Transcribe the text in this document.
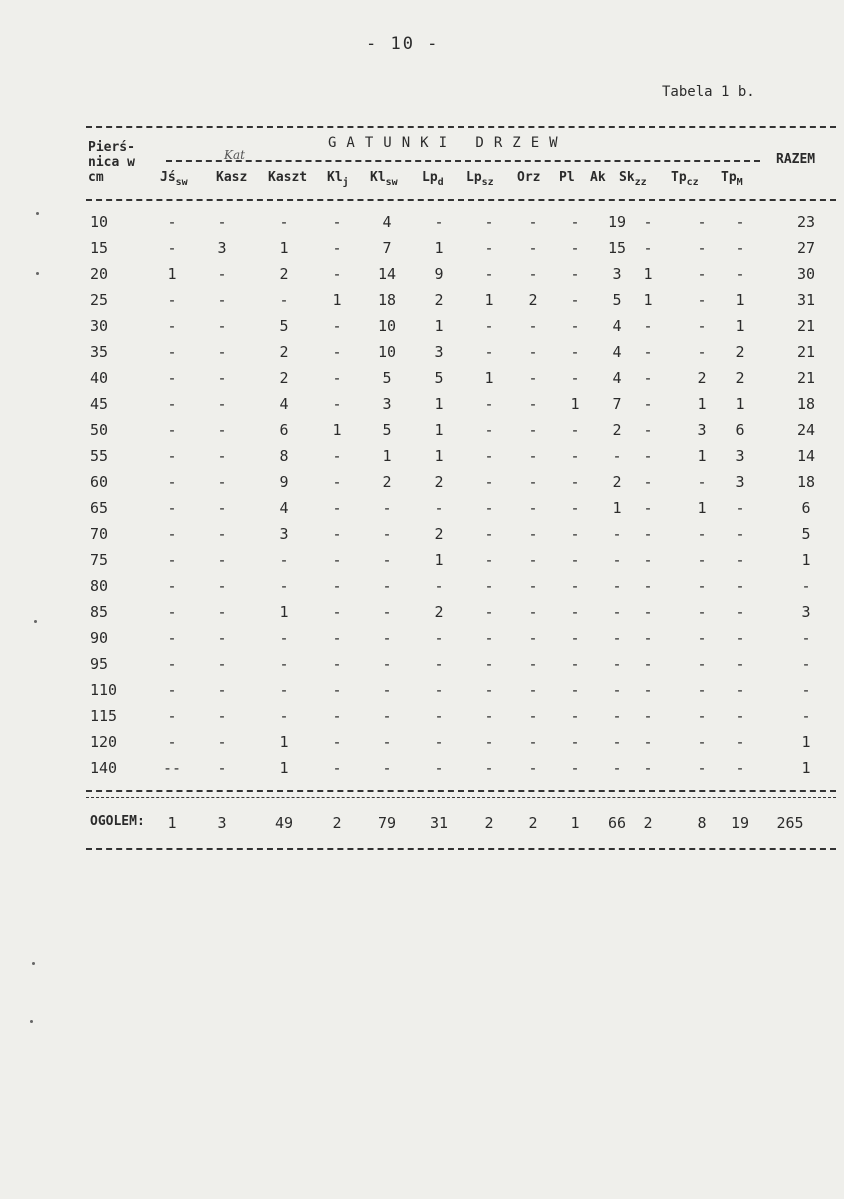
- 10 -
Tabela 1 b.
Pierś-
nica w
cm
GATUNKI DRZEW
Kat	RAZEM
$Jś_{sw}$ Kasz Kaszt $Kl_j$ $Kl_{sw}$ $Lp_d$ $Lp_{sz}$ Orz Pl Ak $Sk_{zz}$ $Tp_{cz}$ $Tp_M$
10	-	-	-	-	4	-	-	-	-	19	-	-	-	23
15	-	3	1	-	7	1	-	-	-	15	-	-	-	27
20	1	-	2	-	14	9	-	-	-	3	1	-	-	30
25	-	-	-	1	18	2	1	2	-	5	1	-	1	31
30	-	-	5	-	10	1	-	-	-	4	-	-	1	21
35	-	-	2	-	10	3	-	-	-	4	-	-	2	21
40	-	-	2	-	5	5	1	-	-	4	-	2	2	21
45	-	-	4	-	3	1	-	-	1	7	-	1	1	18
50	-	-	6	1	5	1	-	-	-	2	-	3	6	24
55	-	-	8	-	1	1	-	-	-	-	-	1	3	14
60	-	-	9	-	2	2	-	-	-	2	-	-	3	18
65	-	-	4	-	-	-	-	-	-	1	-	1	-	6
70	-	-	3	-	-	2	-	-	-	-	-	-	-	5
75	-	-	-	-	-	1	-	-	-	-	-	-	-	1
80	-	-	-	-	-	-	-	-	-	-	-	-	-	-
85	-	-	1	-	-	2	-	-	-	-	-	-	-	3
90	-	-	-	-	-	-	-	-	-	-	-	-	-	-
95	-	-	-	-	-	-	-	-	-	-	-	-	-	-
110	-	-	-	-	-	-	-	-	-	-	-	-	-	-
115	-	-	-	-	-	-	-	-	-	-	-	-	-	-
120	-	-	1	-	-	-	-	-	-	-	-	-	-	1
140	--	-	1	-	-	-	-	-	-	-	-	-	-	1
OGOLEM:	1	3	49	2	79	31	2	2	1	66	2	8	19	265
